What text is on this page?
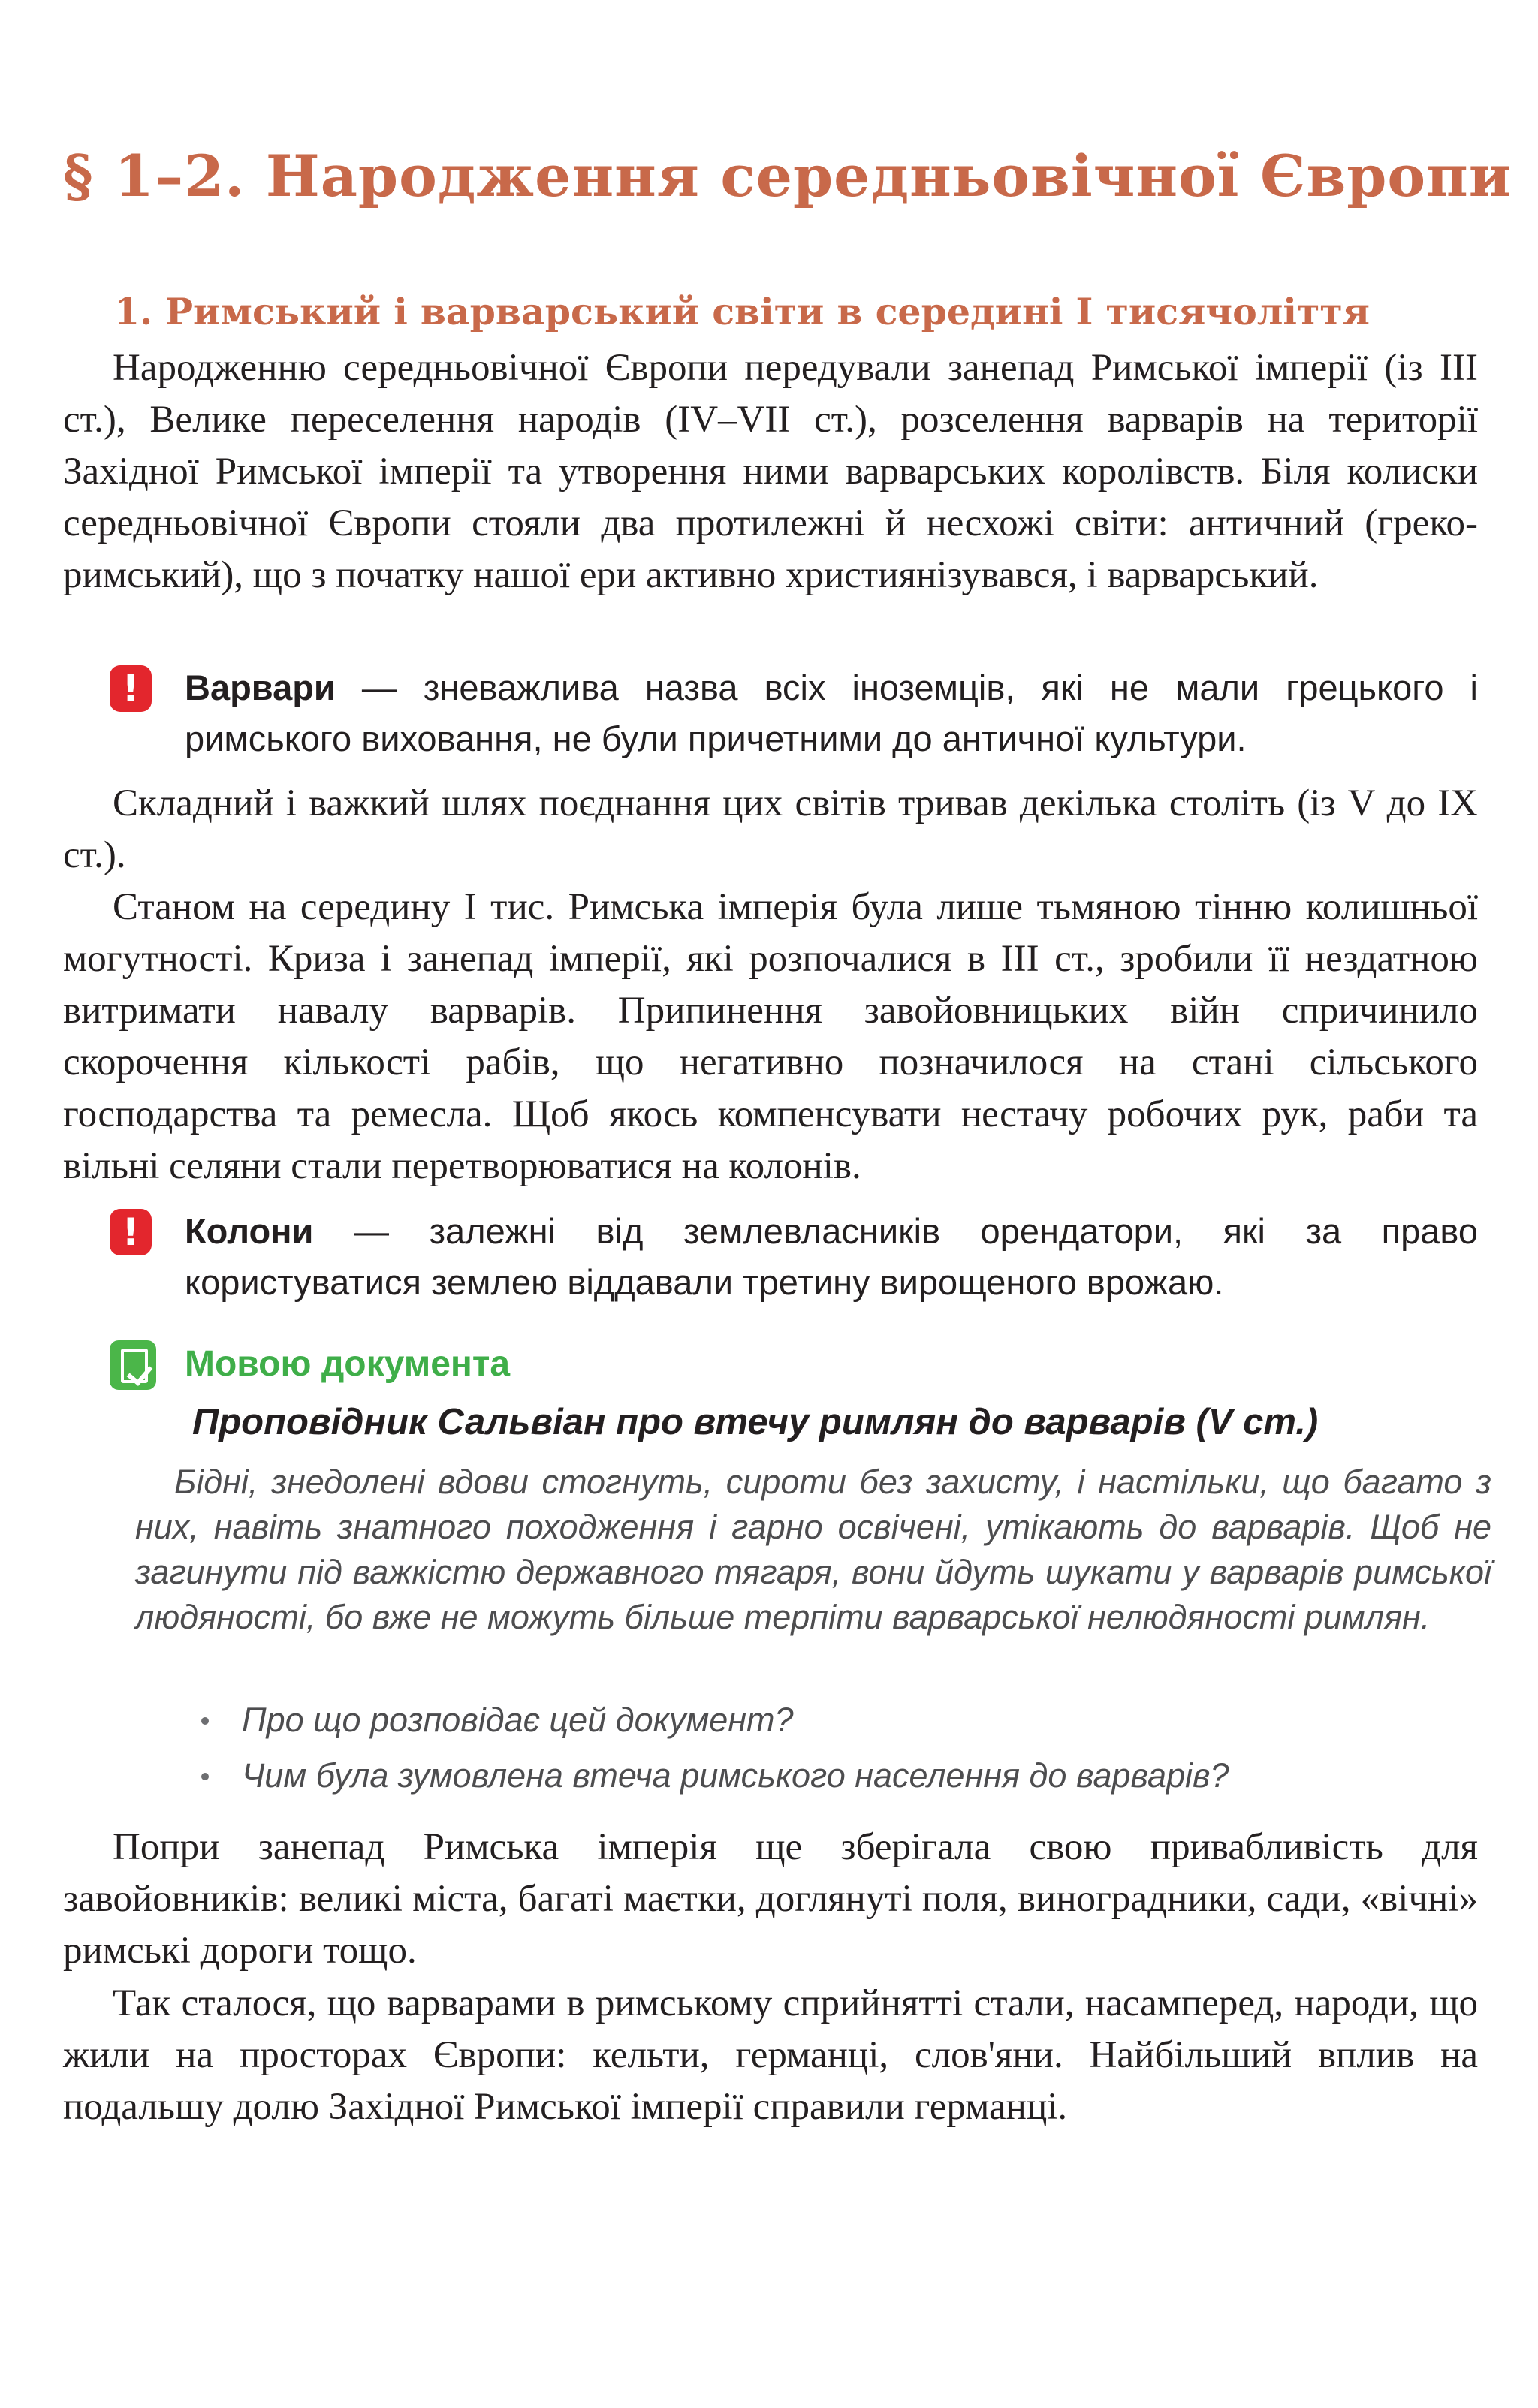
§ 1–2. Народження середньовічної Європи
1. Римський і варварський світи в середині I тисячоліття

Народженню середньовічної Європи передували занепад Римської імперії (із III ст.), Велике переселення народів (IV–VII ст.), розселення варварів на території Західної Римської імперії та утворення ними варварських королівств. Біля колиски середньовічної Європи стояли два протилежні й несхожі світи: античний (греко-римський), що з початку нашої ери активно християнізувався, і варварський.

!	Варвари — зневажлива назва всіх іноземців, які не мали грецького і римського виховання, не були причетними до античної культури.

Складний і важкий шлях поєднання цих світів тривав декілька століть (із V до IX ст.).

Станом на середину I тис. Римська імперія була лише тьмяною тінню колишньої могутності. Криза і занепад імперії, які розпочалися в III ст., зробили її нездатною витримати навалу варварів. Припинення завойовницьких війн спричинило скорочення кількості рабів, що негативно позначилося на стані сільського господарства та ремесла. Щоб якось компенсувати нестачу робочих рук, раби та вільні селяни стали перетворюватися на колонів.

!	Колони — залежні від землевласників орендатори, які за право користуватися землею віддавали третину вирощеного врожаю.

Мовою документа

Проповідник Сальвіан про втечу римлян до варварів (V ст.)

Бідні, знедолені вдови стогнуть, сироти без захисту, і настільки, що багато з них, навіть знатного походження і гарно освічені, утікають до варварів. Щоб не загинути під важкістю державного тягаря, вони йдуть шукати у варварів римської людяності, бо вже не можуть більше терпіти варварської нелюдяності римлян.

Про що розповідає цей документ?
Чим була зумовлена втеча римського населення до варварів?

Попри занепад Римська імперія ще зберігала свою привабливість для завойовників: великі міста, багаті маєтки, доглянуті поля, виноградники, сади, «вічні» римські дороги тощо.

Так сталося, що варварами в римському сприйнятті стали, насамперед, народи, що жили на просторах Європи: кельти, германці, слов'яни. Найбільший вплив на подальшу долю Західної Римської імперії справили германці.
